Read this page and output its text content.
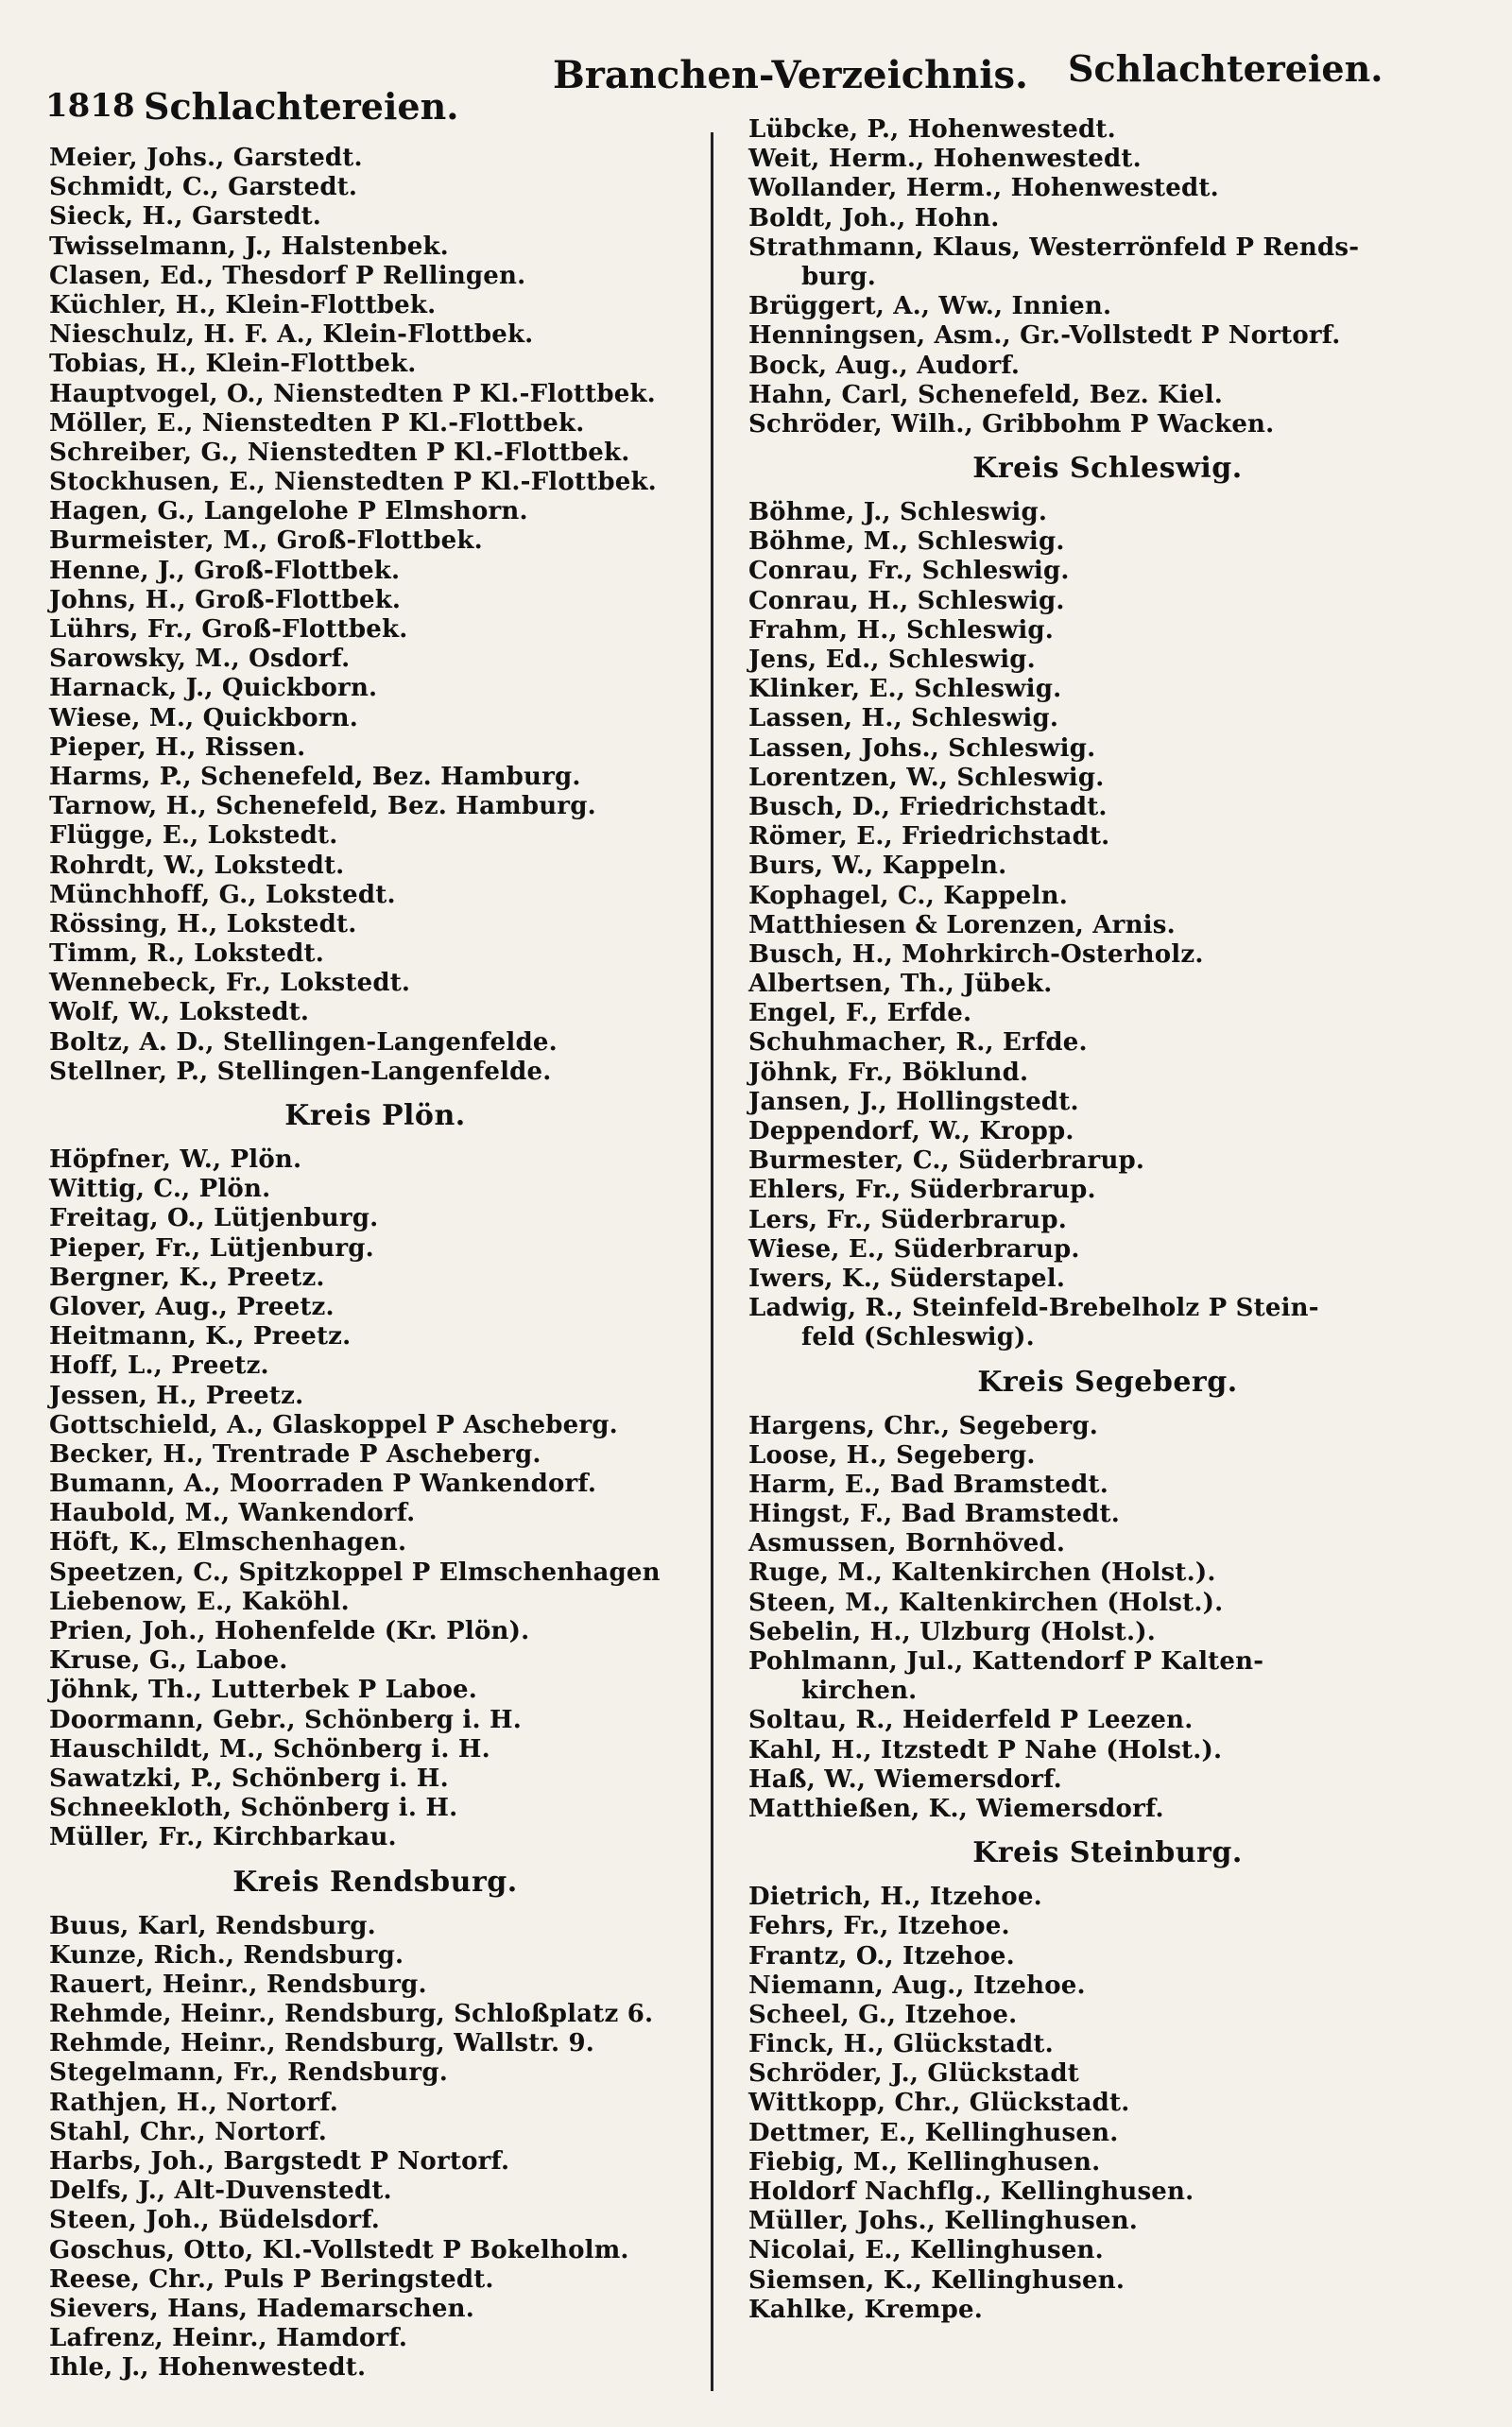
1818 Schlachtereien.
Branchen-Verzeichnis. Schlachtereien.
Meier, Johs., Garstedt.
Schmidt, C., Garstedt.
Sieck, H., Garstedt.
Twisselmann, J., Halstenbek.
Clasen, Ed., Thesdorf P Rellingen.
Küchler, H., Klein-Flottbek.
Nieschulz, H. F. A., Klein-Flottbek.
Tobias, H., Klein-Flottbek.
Hauptvogel, O., Nienstedten P Kl.-Flottbek.
Möller, E., Nienstedten P Kl.-Flottbek.
Schreiber, G., Nienstedten P Kl.-Flottbek.
Stockhusen, E., Nienstedten P Kl.-Flottbek.
Hagen, G., Langelohe P Elmshorn.
Burmeister, M., Groß-Flottbek.
Henne, J., Groß-Flottbek.
Johns, H., Groß-Flottbek.
Lührs, Fr., Groß-Flottbek.
Sarowsky, M., Osdorf.
Harnack, J., Quickborn.
Wiese, M., Quickborn.
Pieper, H., Rissen.
Harms, P., Schenefeld, Bez. Hamburg.
Tarnow, H., Schenefeld, Bez. Hamburg.
Flügge, E., Lokstedt.
Rohrdt, W., Lokstedt.
Münchhoff, G., Lokstedt.
Rössing, H., Lokstedt.
Timm, R., Lokstedt.
Wennebeck, Fr., Lokstedt.
Wolf, W., Lokstedt.
Boltz, A. D., Stellingen-Langenfelde.
Stellner, P., Stellingen-Langenfelde.
Kreis Plön.
Höpfner, W., Plön.
Wittig, C., Plön.
Freitag, O., Lütjenburg.
Pieper, Fr., Lütjenburg.
Bergner, K., Preetz.
Glover, Aug., Preetz.
Heitmann, K., Preetz.
Hoff, L., Preetz.
Jessen, H., Preetz.
Gottschield, A., Glaskoppel P Ascheberg.
Becker, H., Trentrade P Ascheberg.
Bumann, A., Moorraden P Wankendorf.
Haubold, M., Wankendorf.
Höft, K., Elmschenhagen.
Speetzen, C., Spitzkoppel P Elmschenhagen
Liebenow, E., Kaköhl.
Prien, Joh., Hohenfelde (Kr. Plön).
Kruse, G., Laboe.
Jöhnk, Th., Lutterbek P Laboe.
Doormann, Gebr., Schönberg i. H.
Hauschildt, M., Schönberg i. H.
Sawatzki, P., Schönberg i. H.
Schneekloth, Schönberg i. H.
Müller, Fr., Kirchbarkau.
Kreis Rendsburg.
Buus, Karl, Rendsburg.
Kunze, Rich., Rendsburg.
Rauert, Heinr., Rendsburg.
Rehmde, Heinr., Rendsburg, Schloßplatz 6.
Rehmde, Heinr., Rendsburg, Wallstr. 9.
Stegelmann, Fr., Rendsburg.
Rathjen, H., Nortorf.
Stahl, Chr., Nortorf.
Harbs, Joh., Bargstedt P Nortorf.
Delfs, J., Alt-Duvenstedt.
Steen, Joh., Büdelsdorf.
Goschus, Otto, Kl.-Vollstedt P Bokelholm.
Reese, Chr., Puls P Beringstedt.
Sievers, Hans, Hademarschen.
Lafrenz, Heinr., Hamdorf.
Ihle, J., Hohenwestedt.
Lübcke, P., Hohenwestedt.
Weit, Herm., Hohenwestedt.
Wollander, Herm., Hohenwestedt.
Boldt, Joh., Hohn.
Strathmann, Klaus, Westerrönfeld P Rends-
burg.
Brüggert, A., Ww., Innien.
Henningsen, Asm., Gr.-Vollstedt P Nortorf.
Bock, Aug., Audorf.
Hahn, Carl, Schenefeld, Bez. Kiel.
Schröder, Wilh., Gribbohm P Wacken.
Kreis Schleswig.
Böhme, J., Schleswig.
Böhme, M., Schleswig.
Conrau, Fr., Schleswig.
Conrau, H., Schleswig.
Frahm, H., Schleswig.
Jens, Ed., Schleswig.
Klinker, E., Schleswig.
Lassen, H., Schleswig.
Lassen, Johs., Schleswig.
Lorentzen, W., Schleswig.
Busch, D., Friedrichstadt.
Römer, E., Friedrichstadt.
Burs, W., Kappeln.
Kophagel, C., Kappeln.
Matthiesen & Lorenzen, Arnis.
Busch, H., Mohrkirch-Osterholz.
Albertsen, Th., Jübek.
Engel, F., Erfde.
Schuhmacher, R., Erfde.
Jöhnk, Fr., Böklund.
Jansen, J., Hollingstedt.
Deppendorf, W., Kropp.
Burmester, C., Süderbrarup.
Ehlers, Fr., Süderbrarup.
Lers, Fr., Süderbrarup.
Wiese, E., Süderbrarup.
Iwers, K., Süderstapel.
Ladwig, R., Steinfeld-Brebelholz P Stein-
feld (Schleswig).
Kreis Segeberg.
Hargens, Chr., Segeberg.
Loose, H., Segeberg.
Harm, E., Bad Bramstedt.
Hingst, F., Bad Bramstedt.
Asmussen, Bornhöved.
Ruge, M., Kaltenkirchen (Holst.).
Steen, M., Kaltenkirchen (Holst.).
Sebelin, H., Ulzburg (Holst.).
Pohlmann, Jul., Kattendorf P Kalten-
kirchen.
Soltau, R., Heiderfeld P Leezen.
Kahl, H., Itzstedt P Nahe (Holst.).
Haß, W., Wiemersdorf.
Matthießen, K., Wiemersdorf.
Kreis Steinburg.
Dietrich, H., Itzehoe.
Fehrs, Fr., Itzehoe.
Frantz, O., Itzehoe.
Niemann, Aug., Itzehoe.
Scheel, G., Itzehoe.
Finck, H., Glückstadt.
Schröder, J., Glückstadt
Wittkopp, Chr., Glückstadt.
Dettmer, E., Kellinghusen.
Fiebig, M., Kellinghusen.
Holdorf Nachflg., Kellinghusen.
Müller, Johs., Kellinghusen.
Nicolai, E., Kellinghusen.
Siemsen, K., Kellinghusen.
Kahlke, Krempe.
